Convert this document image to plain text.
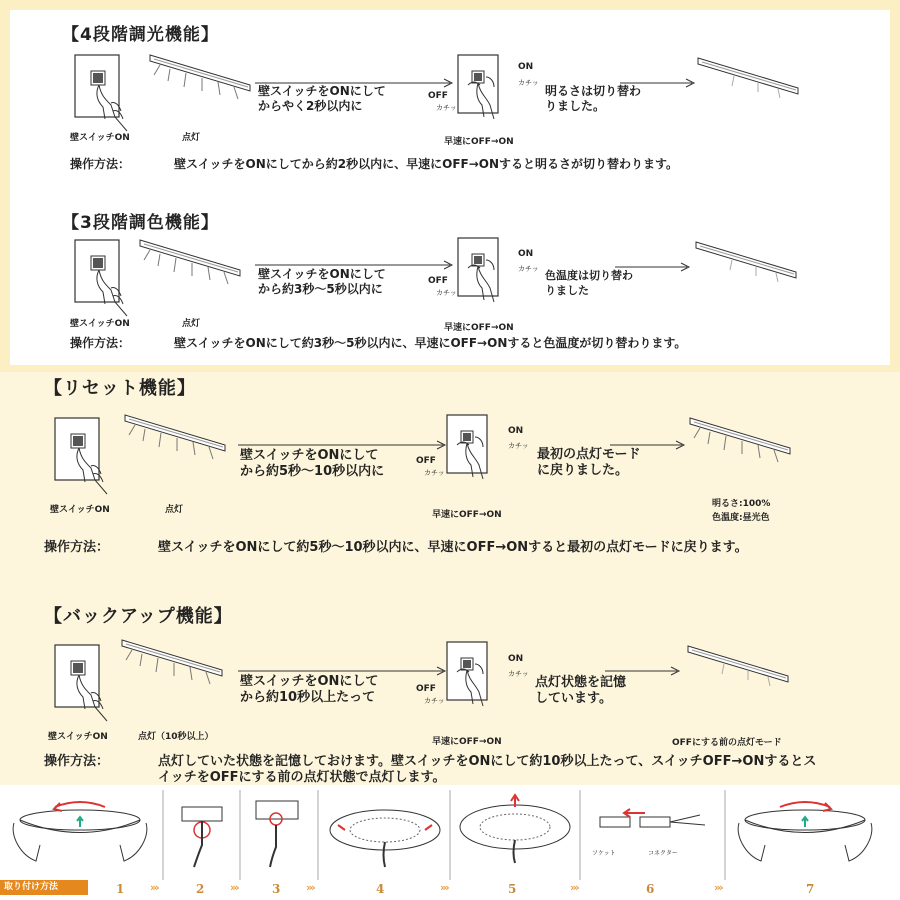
【4段階調光機能】
壁スイッチON	点灯
壁スイッチをONにして
からやく2秒以内に
ON
カチッ
OFF
カチッ
早速にOFF→ON
明るさは切り替わ
りました。
操作方法：	壁スイッチをONにしてから約2秒以内に、早速にOFF→ONすると明るさが切り替わります。
【3段階調色機能】
壁スイッチON	点灯
壁スイッチをONにして
から約3秒～5秒以内に
ON
カチッ
OFF
カチッ
早速にOFF→ON
色温度は切り替わ
りました
操作方法：	壁スイッチをONにして約3秒～5秒以内に、早速にOFF→ONすると色温度が切り替わります。
【リセット機能】
壁スイッチON	点灯
壁スイッチをONにして
から約5秒～10秒以内に
ON
カチッ
OFF
カチッ
早速にOFF→ON
最初の点灯モード
に戻りました。
明るさ:100%
色温度:昼光色
操作方法：	壁スイッチをONにして約5秒～10秒以内に、早速にOFF→ONすると最初の点灯モードに戻ります。
【バックアップ機能】
壁スイッチON	点灯（10秒以上）
壁スイッチをONにして
から約10秒以上たって
ON
カチッ
OFF
カチッ
早速にOFF→ON
点灯状態を記憶
しています。
OFFにする前の点灯モード
操作方法：	点灯していた状態を記憶しておけます。壁スイッチをONにして約10秒以上たって、スイッチOFF→ONするとスイッチをOFFにする前の点灯状態で点灯します。
ソケット	コネクター
取り付け方法	1 ›››	2 ›››	3 ›››	4	›››	5	›››	6	›››	7
